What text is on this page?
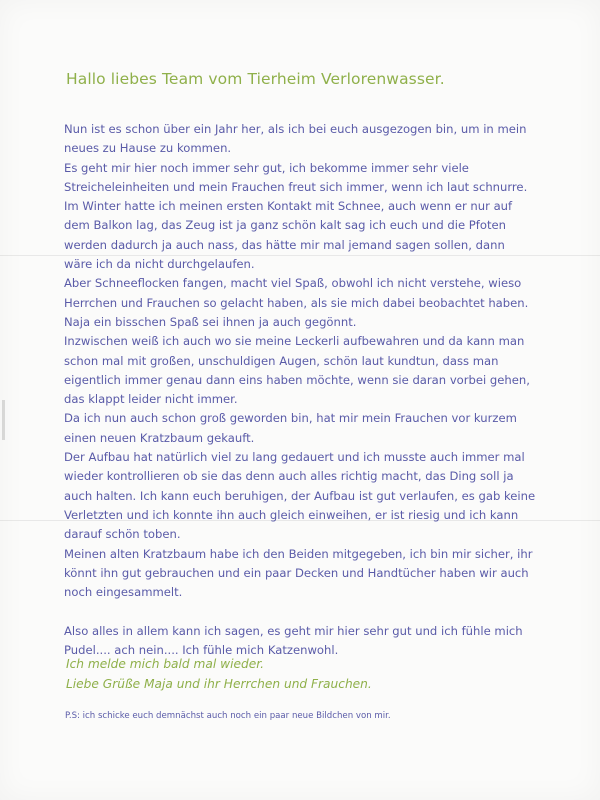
Hallo liebes Team vom Tierheim Verlorenwasser.

Nun ist es schon über ein Jahr her, als ich bei euch ausgezogen bin, um in mein
neues zu Hause zu kommen.

Es geht mir hier noch immer sehr gut, ich bekomme immer sehr viele
Streicheleinheiten und mein Frauchen freut sich immer, wenn ich laut schnurre.

Im Winter hatte ich meinen ersten Kontakt mit Schnee, auch wenn er nur auf
dem Balkon lag, das Zeug ist ja ganz schön kalt sag ich euch und die Pfoten
werden dadurch ja auch nass, das hätte mir mal jemand sagen sollen, dann
wäre ich da nicht durchgelaufen.

Aber Schneeflocken fangen, macht viel Spaß, obwohl ich nicht verstehe, wieso
Herrchen und Frauchen so gelacht haben, als sie mich dabei beobachtet haben.
Naja ein bisschen Spaß sei ihnen ja auch gegönnt.

Inzwischen weiß ich auch wo sie meine Leckerli aufbewahren und da kann man
schon mal mit großen, unschuldigen Augen, schön laut kundtun, dass man
eigentlich immer genau dann eins haben möchte, wenn sie daran vorbei gehen,
das klappt leider nicht immer.

Da ich nun auch schon groß geworden bin, hat mir mein Frauchen vor kurzem
einen neuen Kratzbaum gekauft.

Der Aufbau hat natürlich viel zu lang gedauert und ich musste auch immer mal
wieder kontrollieren ob sie das denn auch alles richtig macht, das Ding soll ja
auch halten. Ich kann euch beruhigen, der Aufbau ist gut verlaufen, es gab keine
Verletzten und ich konnte ihn auch gleich einweihen, er ist riesig und ich kann
darauf schön toben.

Meinen alten Kratzbaum habe ich den Beiden mitgegeben, ich bin mir sicher, ihr
könnt ihn gut gebrauchen und ein paar Decken und Handtücher haben wir auch
noch eingesammelt.

Also alles in allem kann ich sagen, es geht mir hier sehr gut und ich fühle mich
Pudel.... ach nein.... Ich fühle mich Katzenwohl.

Ich melde mich bald mal wieder.

Liebe Grüße Maja und ihr Herrchen und Frauchen.

P.S: ich schicke euch demnächst auch noch ein paar neue Bildchen von mir.
